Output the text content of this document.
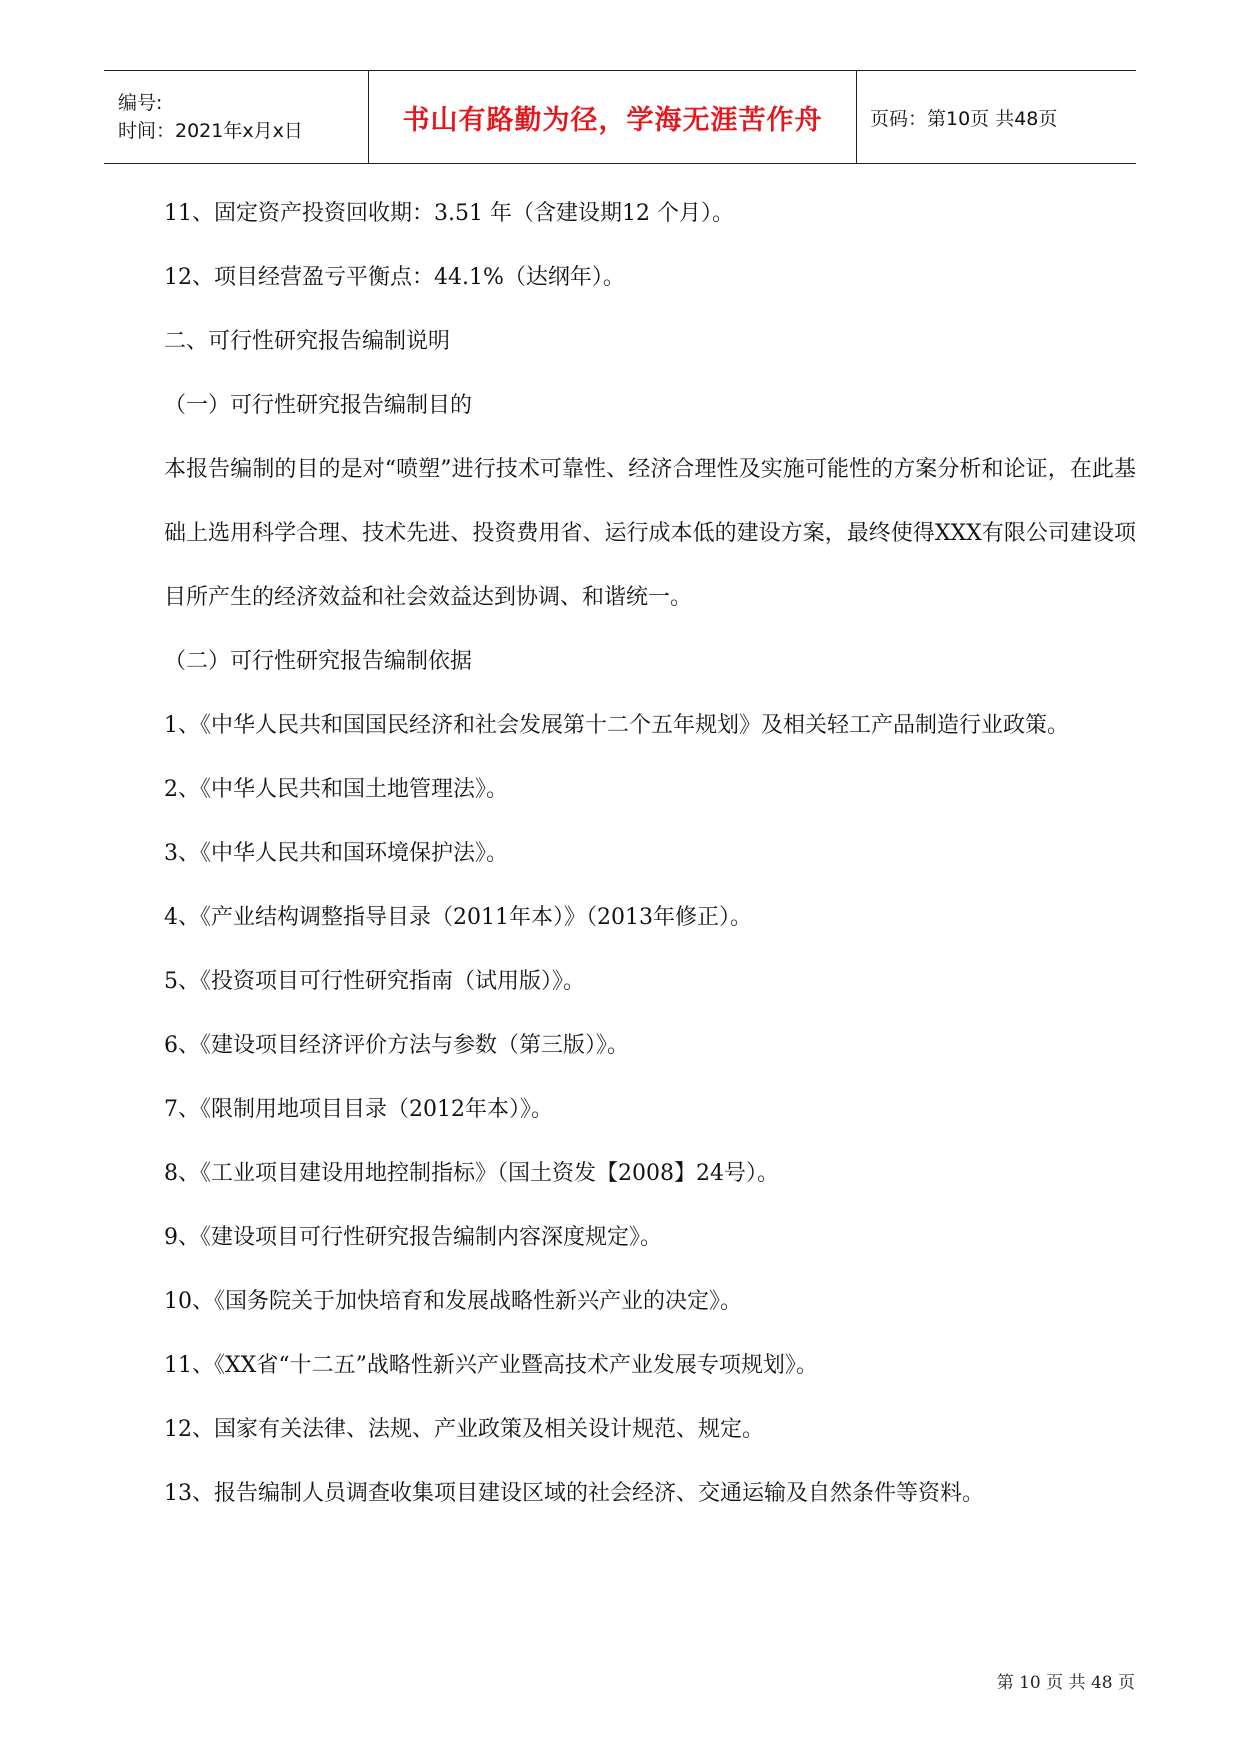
编号:
时间：2021年x月x日	书山有路勤为径，学海无涯苦作舟	页码：第10页 共48页

11、固定资产投资回收期：3.51 年（含建设期12 个月）。

12、项目经营盈亏平衡点：44.1%（达纲年）。

二、可行性研究报告编制说明

（一）可行性研究报告编制目的

本报告编制的目的是对“喷塑”进行技术可靠性、经济合理性及实施可能性的方案分析和论证，在此基础上选用科学合理、技术先进、投资费用省、运行成本低的建设方案，最终使得XXX有限公司建设项目所产生的经济效益和社会效益达到协调、和谐统一。

（二）可行性研究报告编制依据

1、《中华人民共和国国民经济和社会发展第十二个五年规划》及相关轻工产品制造行业政策。

2、《中华人民共和国土地管理法》。

3、《中华人民共和国环境保护法》。

4、《产业结构调整指导目录（2011年本）》（2013年修正）。

5、《投资项目可行性研究指南（试用版）》。

6、《建设项目经济评价方法与参数（第三版）》。

7、《限制用地项目目录（2012年本）》。

8、《工业项目建设用地控制指标》（国土资发【2008】24号）。

9、《建设项目可行性研究报告编制内容深度规定》。

10、《国务院关于加快培育和发展战略性新兴产业的决定》。

11、《XX省“十二五”战略性新兴产业暨高技术产业发展专项规划》。

12、国家有关法律、法规、产业政策及相关设计规范、规定。

13、报告编制人员调查收集项目建设区域的社会经济、交通运输及自然条件等资料。

第 10 页 共 48 页
